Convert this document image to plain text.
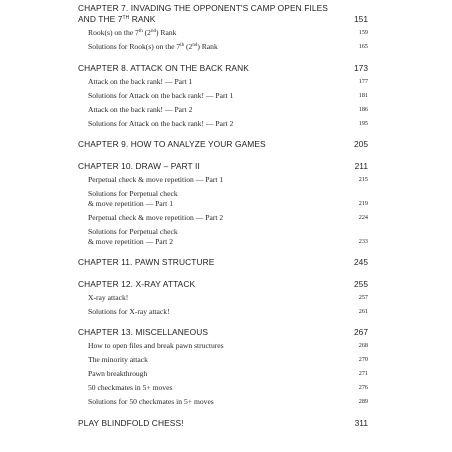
CHAPTER 7. INVADING THE OPPONENT'S CAMP OPEN FILES
AND THE 7TH RANK	151
Rook(s) on the 7th (2nd) Rank	159
Solutions for Rook(s) on the 7th (2nd) Rank	165
CHAPTER 8. ATTACK ON THE BACK RANK	173
Attack on the back rank! — Part 1	177
Solutions for Attack on the back rank! — Part 1	181
Attack on the back rank! — Part 2	186
Solutions for Attack on the back rank! — Part 2	195
CHAPTER 9. HOW TO ANALYZE YOUR GAMES	205
CHAPTER 10. DRAW – PART II	211
Perpetual check & move repetition — Part 1	215
Solutions for Perpetual check
& move repetition — Part 1	219
Perpetual check & move repetition — Part 2	224
Solutions for Perpetual check
& move repetition — Part 2	233
CHAPTER 11. PAWN STRUCTURE	245
CHAPTER 12. X-RAY ATTACK	255
X-ray attack!	257
Solutions for X-ray attack!	261
CHAPTER 13. MISCELLANEOUS	267
How to open files and break pawn structures	268
The minority attack	270
Pawn breakthrough	271
50 checkmates in 5+ moves	276
Solutions for 50 checkmates in 5+ moves	289
PLAY BLINDFOLD CHESS!	311
